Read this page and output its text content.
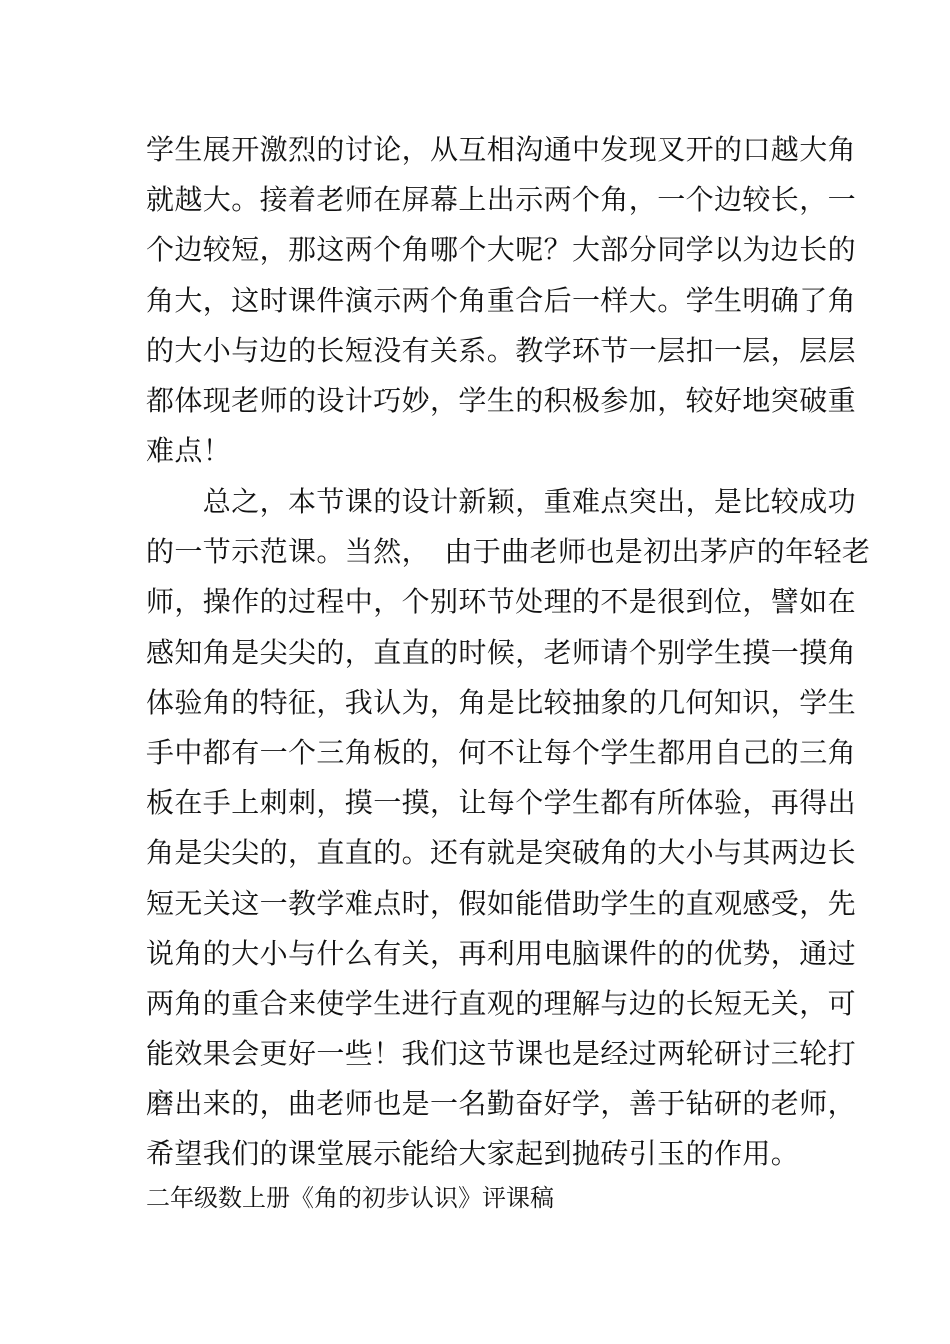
学生展开激烈的讨论，从互相沟通中发现叉开的口越大角
就越大。接着老师在屏幕上出示两个角，一个边较长，一
个边较短，那这两个角哪个大呢？大部分同学以为边长的
角大，这时课件演示两个角重合后一样大。学生明确了角
的大小与边的长短没有关系。教学环节一层扣一层，层层
都体现老师的设计巧妙，学生的积极参加，较好地突破重
难点！
　　总之，本节课的设计新颖，重难点突出，是比较成功
的一节示范课。当然，　由于曲老师也是初出茅庐的年轻老
师，操作的过程中，个别环节处理的不是很到位，譬如在
感知角是尖尖的，直直的时候，老师请个别学生摸一摸角
体验角的特征，我认为，角是比较抽象的几何知识，学生
手中都有一个三角板的，何不让每个学生都用自己的三角
板在手上刺刺，摸一摸，让每个学生都有所体验，再得出
角是尖尖的，直直的。还有就是突破角的大小与其两边长
短无关这一教学难点时，假如能借助学生的直观感受，先
说角的大小与什么有关，再利用电脑课件的的优势，通过
两角的重合来使学生进行直观的理解与边的长短无关，可
能效果会更好一些！我们这节课也是经过两轮研讨三轮打
磨出来的，曲老师也是一名勤奋好学，善于钻研的老师，
希望我们的课堂展示能给大家起到抛砖引玉的作用。
二年级数上册《角的初步认识》评课稿
